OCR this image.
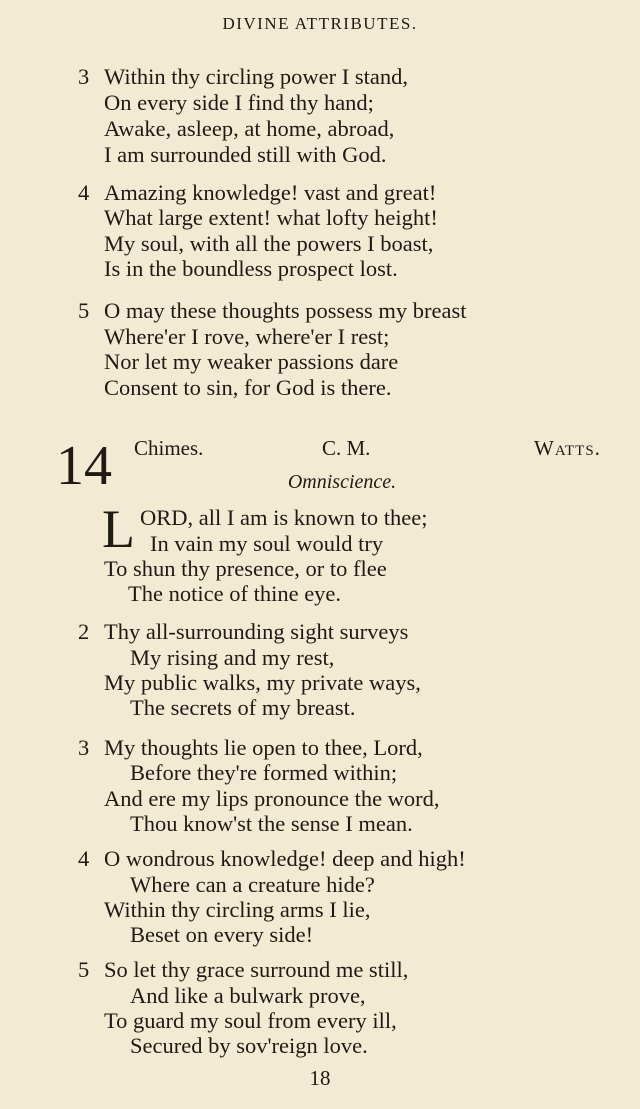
DIVINE ATTRIBUTES.
3 Within thy circling power I stand,
On every side I find thy hand;
Awake, asleep, at home, abroad,
I am surrounded still with God.
4 Amazing knowledge! vast and great!
What large extent! what lofty height!
My soul, with all the powers I boast,
Is in the boundless prospect lost.
5 O may these thoughts possess my breast
Where'er I rove, where'er I rest;
Nor let my weaker passions dare
Consent to sin, for God is there.
14 Chimes.	C. M.	Watts.
Omniscience.
L ORD, all I am is known to thee;
In vain my soul would try
To shun thy presence, or to flee
The notice of thine eye.
2 Thy all-surrounding sight surveys
My rising and my rest,
My public walks, my private ways,
The secrets of my breast.
3 My thoughts lie open to thee, Lord,
Before they're formed within;
And ere my lips pronounce the word,
Thou know'st the sense I mean.
4 O wondrous knowledge! deep and high!
Where can a creature hide?
Within thy circling arms I lie,
Beset on every side!
5 So let thy grace surround me still,
And like a bulwark prove,
To guard my soul from every ill,
Secured by sov'reign love.
18
